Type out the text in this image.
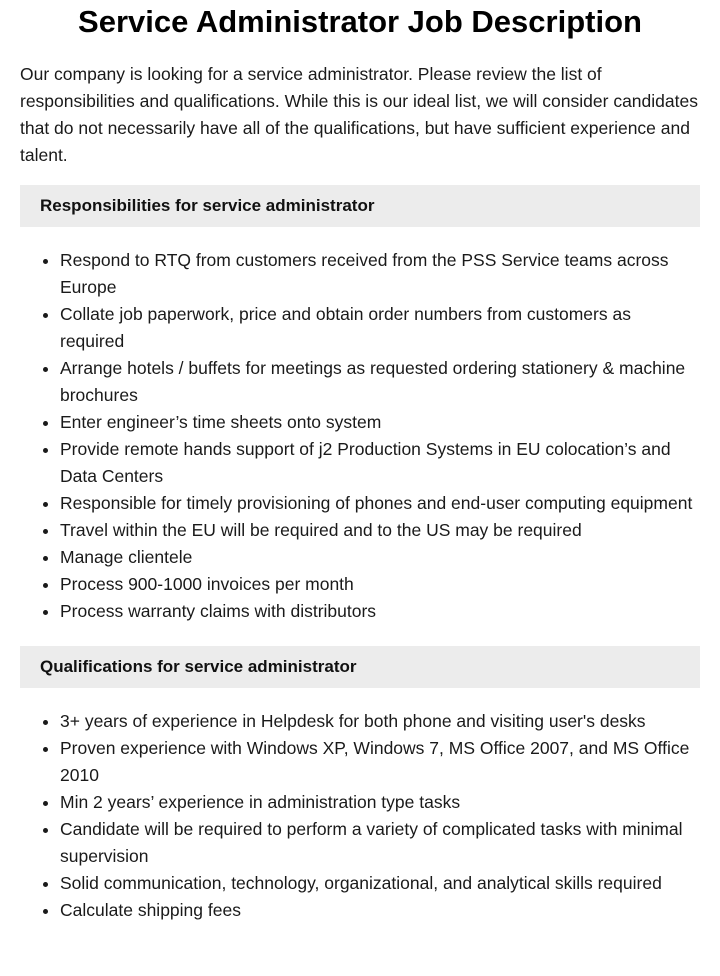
Service Administrator Job Description

Our company is looking for a service administrator. Please review the list of responsibilities and qualifications. While this is our ideal list, we will consider candidates that do not necessarily have all of the qualifications, but have sufficient experience and talent.

Responsibilities for service administrator
• Respond to RTQ from customers received from the PSS Service teams across Europe
• Collate job paperwork, price and obtain order numbers from customers as required
• Arrange hotels / buffets for meetings as requested ordering stationery & machine brochures
• Enter engineer’s time sheets onto system
• Provide remote hands support of j2 Production Systems in EU colocation’s and Data Centers
• Responsible for timely provisioning of phones and end-user computing equipment
• Travel within the EU will be required and to the US may be required
• Manage clientele
• Process 900-1000 invoices per month
• Process warranty claims with distributors
Qualifications for service administrator
• 3+ years of experience in Helpdesk for both phone and visiting user's desks
• Proven experience with Windows XP, Windows 7, MS Office 2007, and MS Office 2010
• Min 2 years’ experience in administration type tasks
• Candidate will be required to perform a variety of complicated tasks with minimal supervision
• Solid communication, technology, organizational, and analytical skills required
• Calculate shipping fees
